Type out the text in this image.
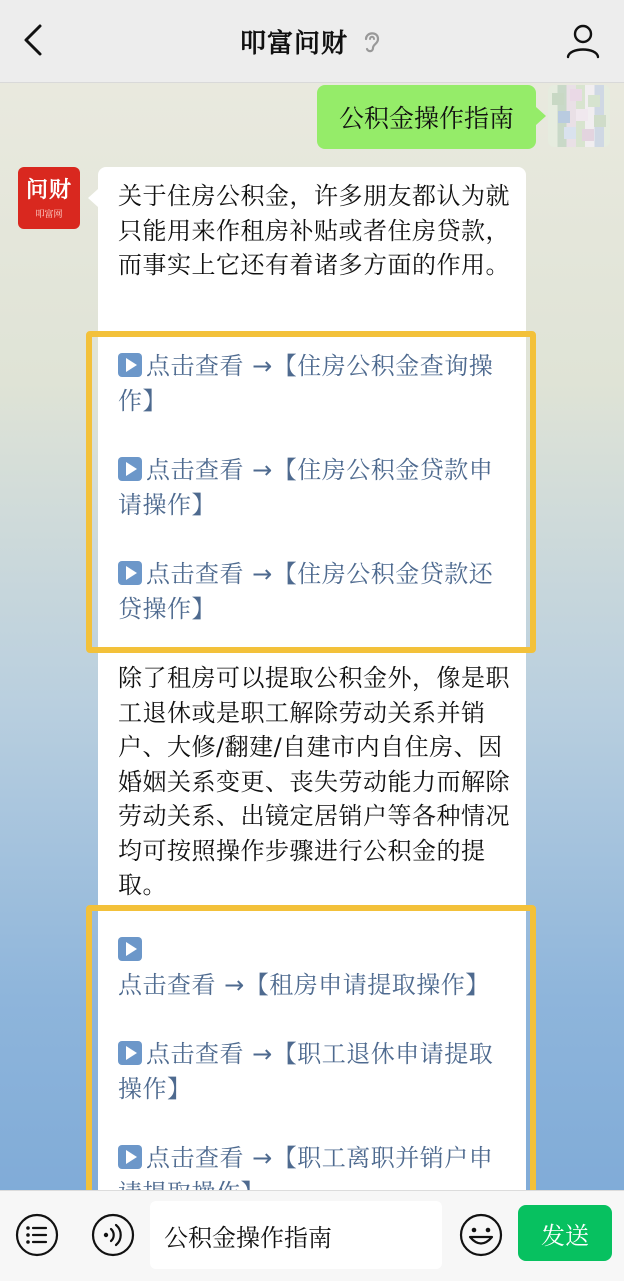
叩富问财
公积金操作指南
问财
叩富网
关于住房公积金，许多朋友都认为就只能用来作租房补贴或者住房贷款，而事实上它还有着诸多方面的作用。
点击查看 →【住房公积金查询操作】
点击查看 →【住房公积金贷款申请操作】
点击查看 →【住房公积金贷款还贷操作】
除了租房可以提取公积金外，像是职工退休或是职工解除劳动关系并销户、大修/翻建/自建市内自住房、因婚姻关系变更、丧失劳动能力而解除劳动关系、出镜定居销户等各种情况均可按照操作步骤进行公积金的提取。
点击查看 →【租房申请提取操作】
点击查看 →【职工退休申请提取操作】
点击查看 →【职工离职并销户申
公积金操作指南
发送
